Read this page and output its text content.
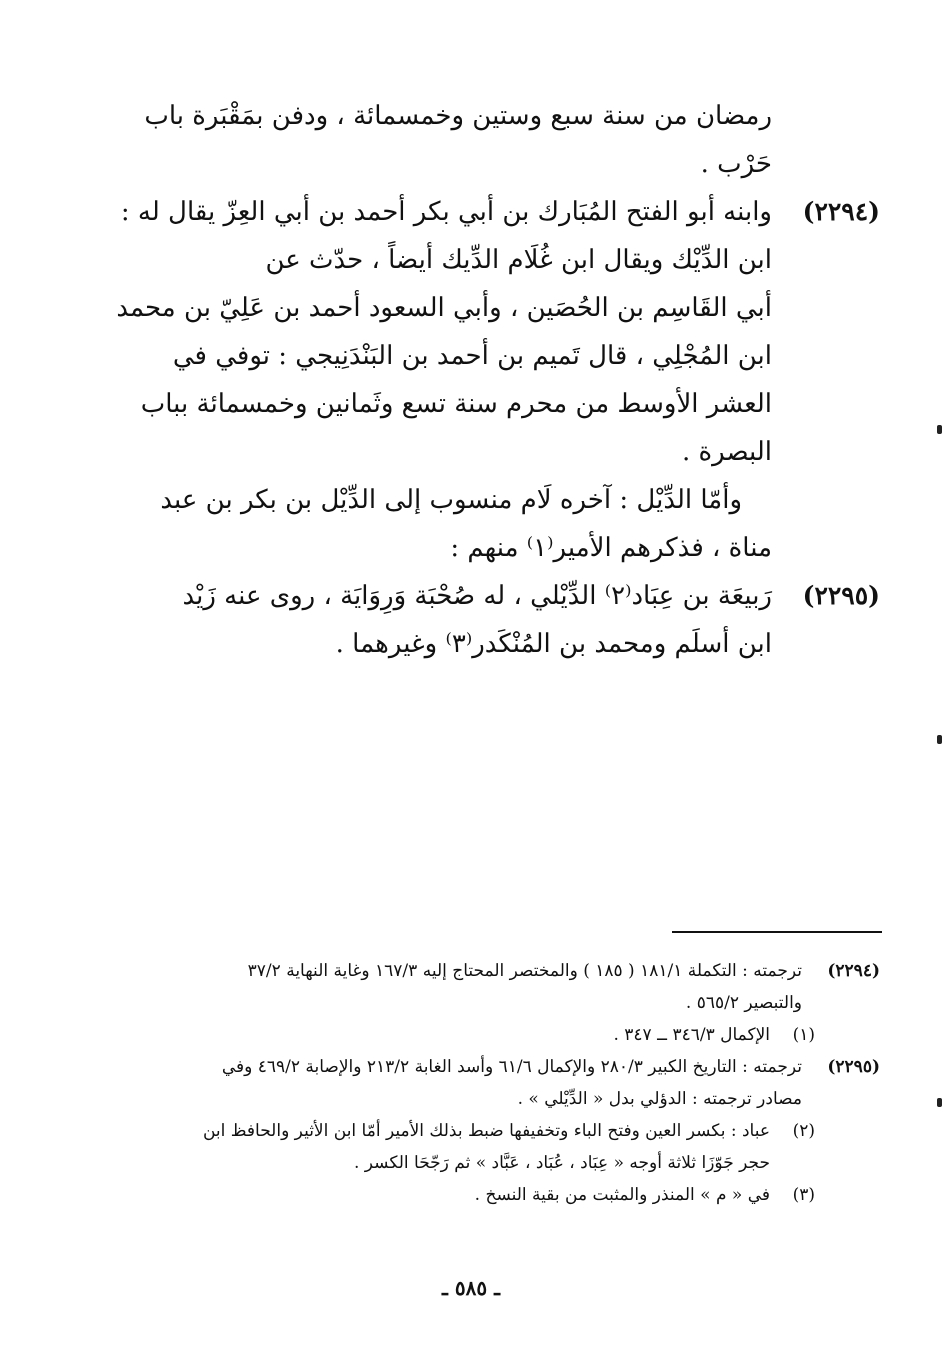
رمضان من سنة سبع وستين وخمسمائة ، ودفن بمَقْبَرة باب
حَرْب .
(٢٢٩٤)
وابنه أبو الفتح المُبَارك بن أبي بكر أحمد بن أبي العِزّ يقال له :
ابن الدِّيْك ويقال ابن غُلَام الدِّيك أيضاً ، حدّث عن
أبي القَاسِم بن الحُصَين ، وأبي السعود أحمد بن عَلِيّ بن محمد
ابن المُجْلِي ، قال تَميم بن أحمد بن البَنْدَنِيجي : توفي في
العشر الأوسط من محرم سنة تسع وثَمانين وخمسمائة بباب
البصرة .
وأمّا الدِّيْل : آخره لَام منسوب إلى الدِّيْل بن بكر بن عبد
مناة ، فذكرهم الأمير⁽١⁾ منهم :
(٢٢٩٥)
رَبيعَة بن عِبَاد⁽٢⁾ الدِّيْلي ، له صُحْبَة وَرِوَايَة ، روى عنه زَيْد
ابن أسلَم ومحمد بن المُنْكَدر⁽٣⁾ وغيرهما .
(٢٢٩٤)
ترجمته : التكملة ١٨١/١ ( ١٨٥ ) والمختصر المحتاج إليه ١٦٧/٣ وغاية النهاية ٣٧/٢
والتبصير ٥٦٥/٢ .
(١)
الإكمال ٣٤٦/٣ ــ ٣٤٧ .
(٢٢٩٥)
ترجمته : التاريخ الكبير ٢٨٠/٣ والإكمال ٦١/٦ وأسد الغابة ٢١٣/٢ والإصابة ٤٦٩/٢ وفي
مصادر ترجمته : الدؤلي بدل « الدِّيْلي » .
(٢)
عباد : بكسر العين وفتح الباء وتخفيفها ضبط بذلك الأمير أمّا ابن الأثير والحافظ ابن
حجر جَوّزَا ثلاثة أوجه « عِبَاد ، عُبَاد ، عَبَّاد » ثم رَجّحَا الكسر .
(٣)
في « م » المنذر والمثبت من بقية النسخ .
ـ ٥٨٥ ـ
